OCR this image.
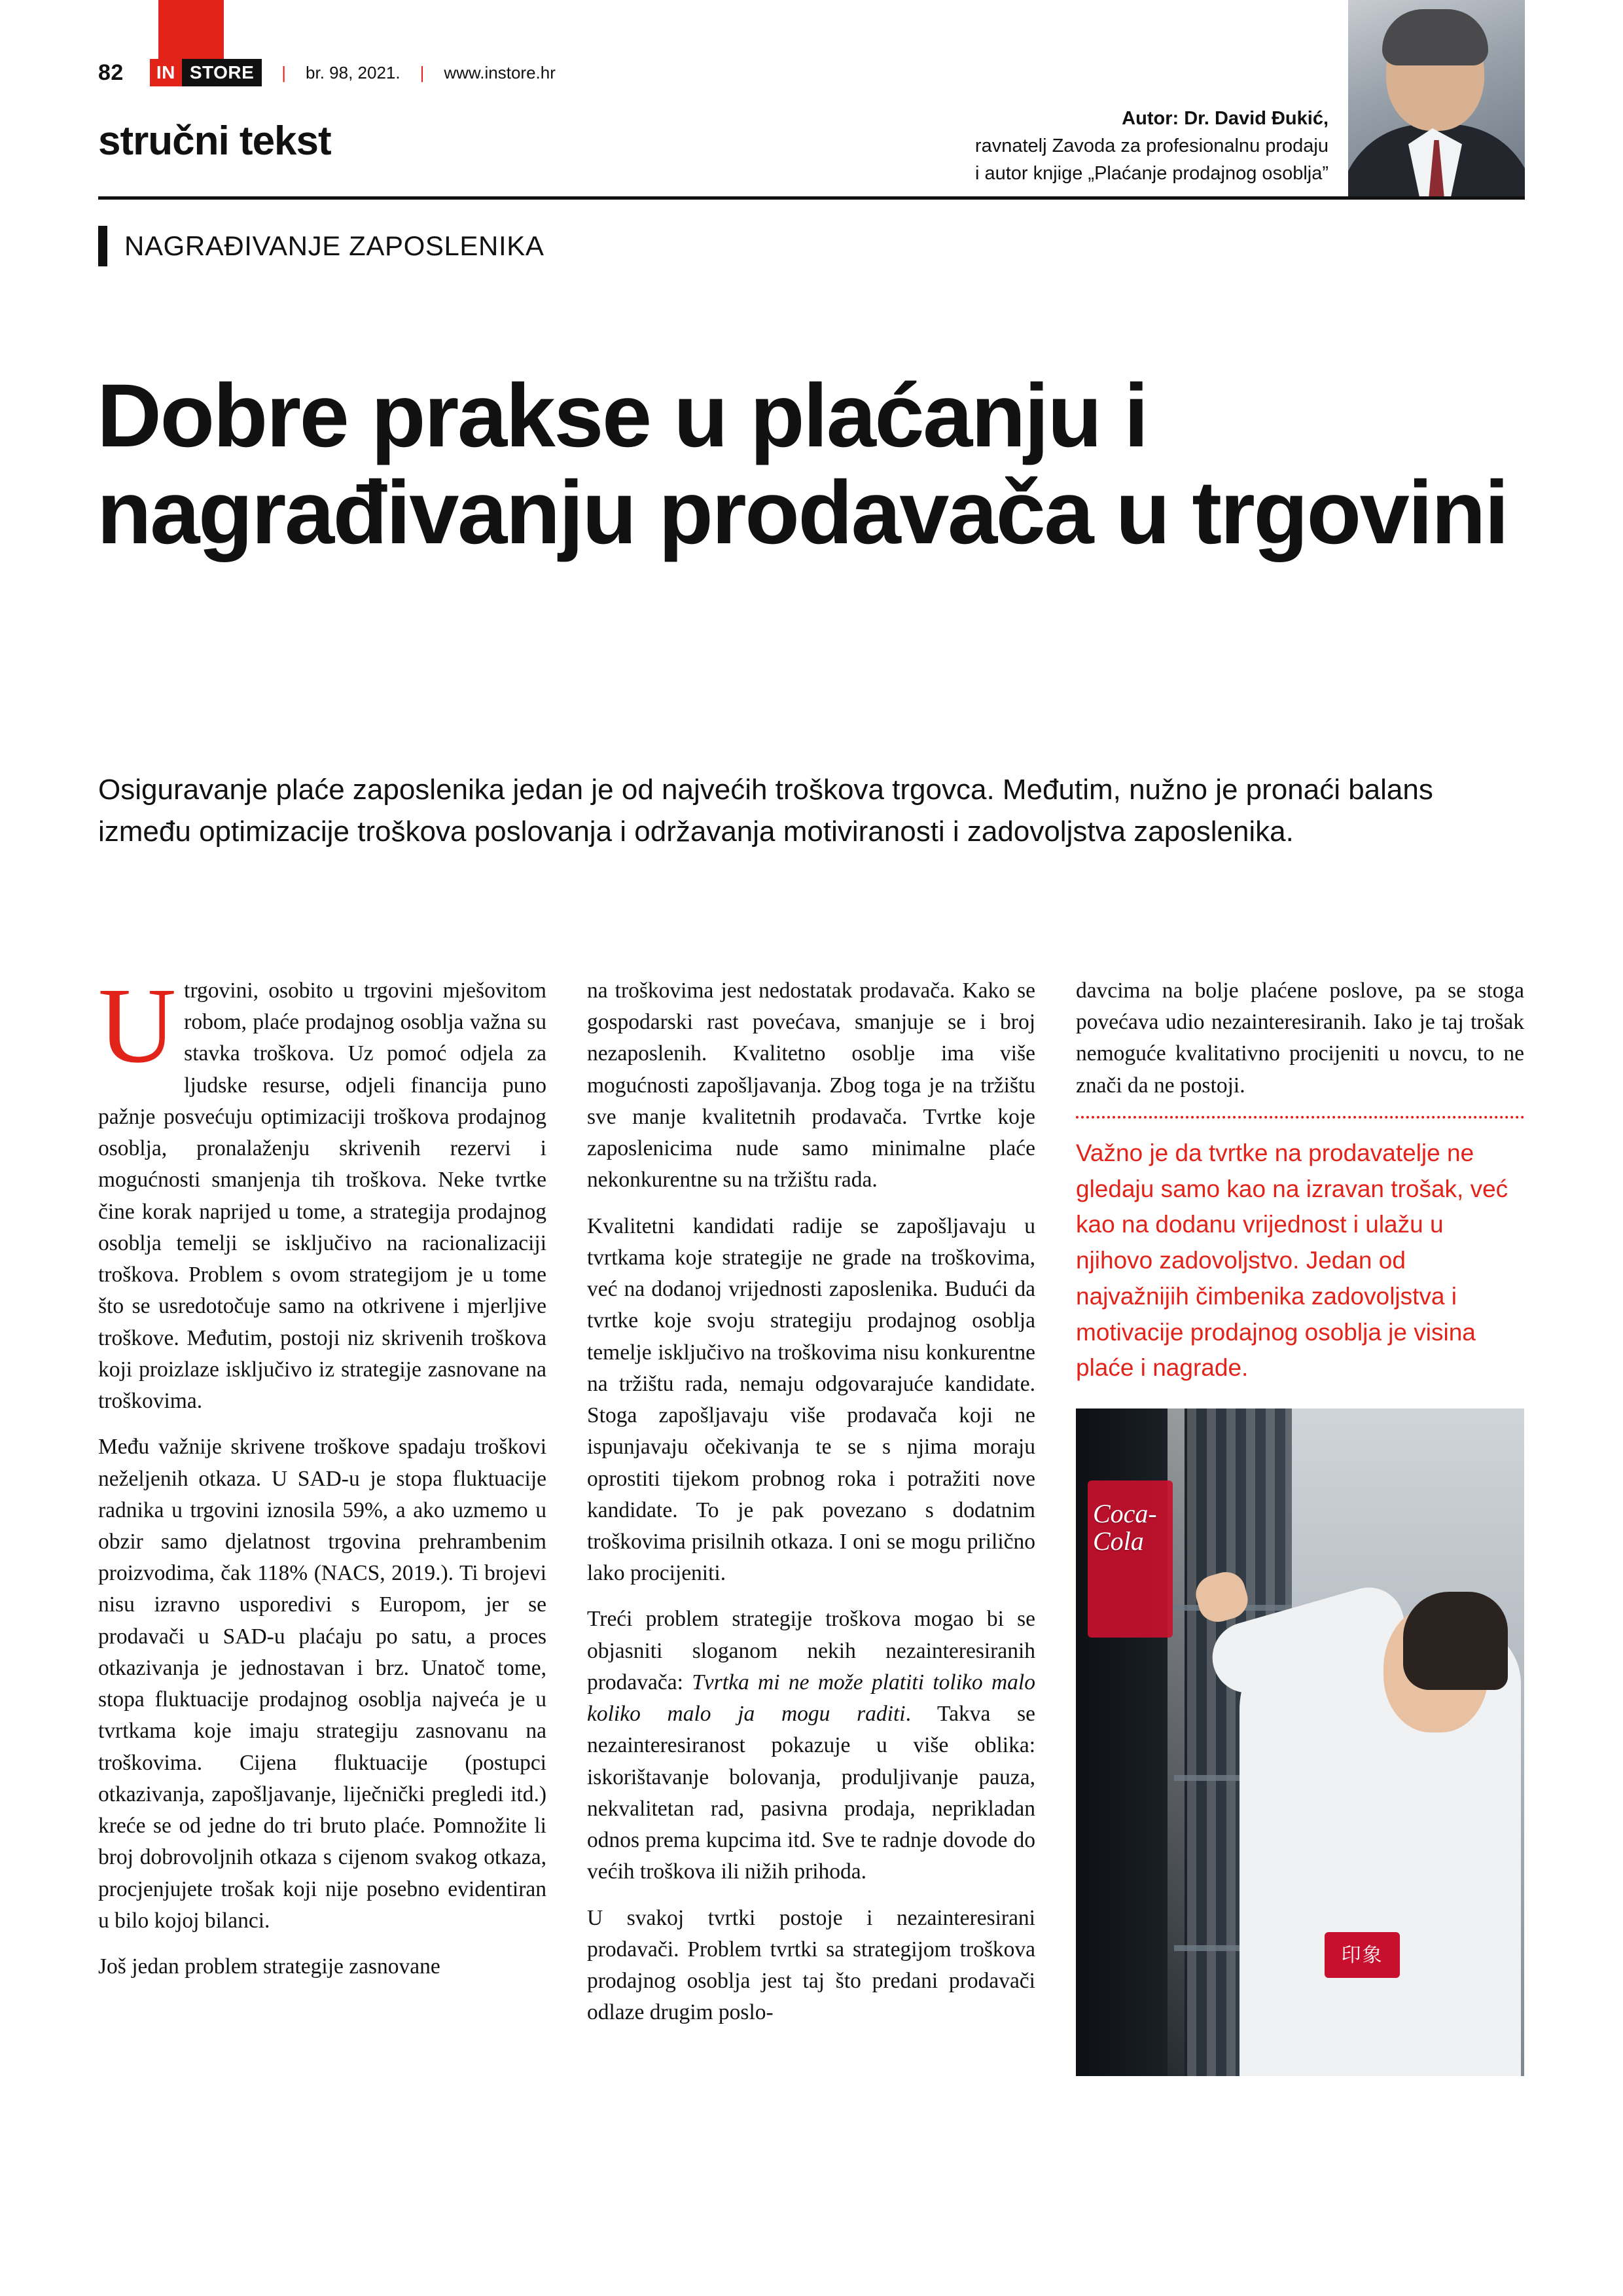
82	IN STORE	| br. 98, 2021. | www.instore.hr
stručni tekst	Autor: Dr. David Đukić,
ravnatelj Zavoda za profesionalnu prodaju
i autor knjige „Plaćanje prodajnog osoblja”
NAGRAĐIVANJE ZAPOSLENIKA
Dobre prakse u plaćanju i nagrađivanju prodavača u trgovini
Osiguravanje plaće zaposlenika jedan je od najvećih troškova trgovca. Međutim, nužno je pronaći balans između optimizacije troškova poslovanja i održavanja motiviranosti i zadovoljstva zaposlenika.

Utrgovini, osobito u trgovini mješovitom robom, plaće prodajnog osoblja važna su stavka troškova. Uz pomoć odjela za ljudske resurse, odjeli financija puno pažnje posvećuju optimizaciji troškova prodajnog osoblja, pronalaženju skrivenih rezervi i mogućnosti smanjenja tih troškova. Neke tvrtke čine korak naprijed u tome, a strategija prodajnog osoblja temelji se isključivo na racionalizaciji troškova. Problem s ovom strategijom je u tome što se usredotočuje samo na otkrivene i mjerljive troškove. Međutim, postoji niz skrivenih troškova koji proizlaze isključivo iz strategije zasnovane na troškovima.

Među važnije skrivene troškove spadaju troškovi neželjenih otkaza. U SAD-u je stopa fluktuacije radnika u trgovini iznosila 59%, a ako uzmemo u obzir samo djelatnost trgovina prehrambenim proizvodima, čak 118% (NACS, 2019.). Ti brojevi nisu izravno usporedivi s Europom, jer se prodavači u SAD-u plaćaju po satu, a proces otkazivanja je jednostavan i brz. Unatoč tome, stopa fluktuacije prodajnog osoblja najveća je u tvrtkama koje imaju strategiju zasnovanu na troškovima. Cijena fluktuacije (postupci otkazivanja, zapošljavanje, liječnički pregledi itd.) kreće se od jedne do tri bruto plaće. Pomnožite li broj dobrovoljnih otkaza s cijenom svakog otkaza, procjenjujete trošak koji nije posebno evidentiran u bilo kojoj bilanci.

Još jedan problem strategije zasnovane

na troškovima jest nedostatak prodavača. Kako se gospodarski rast povećava, smanjuje se i broj nezaposlenih. Kvalitetno osoblje ima više mogućnosti zapošljavanja. Zbog toga je na tržištu sve manje kvalitetnih prodavača. Tvrtke koje zaposlenicima nude samo minimalne plaće nekonkurentne su na tržištu rada.

Kvalitetni kandidati radije se zapošljavaju u tvrtkama koje strategije ne grade na troškovima, već na dodanoj vrijednosti zaposlenika. Budući da tvrtke koje svoju strategiju prodajnog osoblja temelje isključivo na troškovima nisu konkurentne na tržištu rada, nemaju odgovarajuće kandidate. Stoga zapošljavaju više prodavača koji ne ispunjavaju očekivanja te se s njima moraju oprostiti tijekom probnog roka i potražiti nove kandidate. To je pak povezano s dodatnim troškovima prisilnih otkaza. I oni se mogu prilično lako procijeniti.

Treći problem strategije troškova mogao bi se objasniti sloganom nekih nezainteresiranih prodavača: Tvrtka mi ne može platiti toliko malo koliko malo ja mogu raditi. Takva se nezainteresiranost pokazuje u više oblika: iskorištavanje bolovanja, produljivanje pauza, nekvalitetan rad, pasivna prodaja, neprikladan odnos prema kupcima itd. Sve te radnje dovode do većih troškova ili nižih prihoda.

U svakoj tvrtki postoje i nezainteresirani prodavači. Problem tvrtki sa strategijom troškova prodajnog osoblja jest taj što predani prodavači odlaze drugim poslo-

davcima na bolje plaćene poslove, pa se stoga povećava udio nezainteresiranih. Iako je taj trošak nemoguće kvalitativno procijeniti u novcu, to ne znači da ne postoji.

Važno je da tvrtke na prodavatelje ne gledaju samo kao na izravan trošak, već kao na dodanu vrijednost i ulažu u njihovo zadovoljstvo. Jedan od najvažnijih čimbenika zadovoljstva i motivacije prodajnog osoblja je visina plaće i nagrade.
Coca-Cola
印象
